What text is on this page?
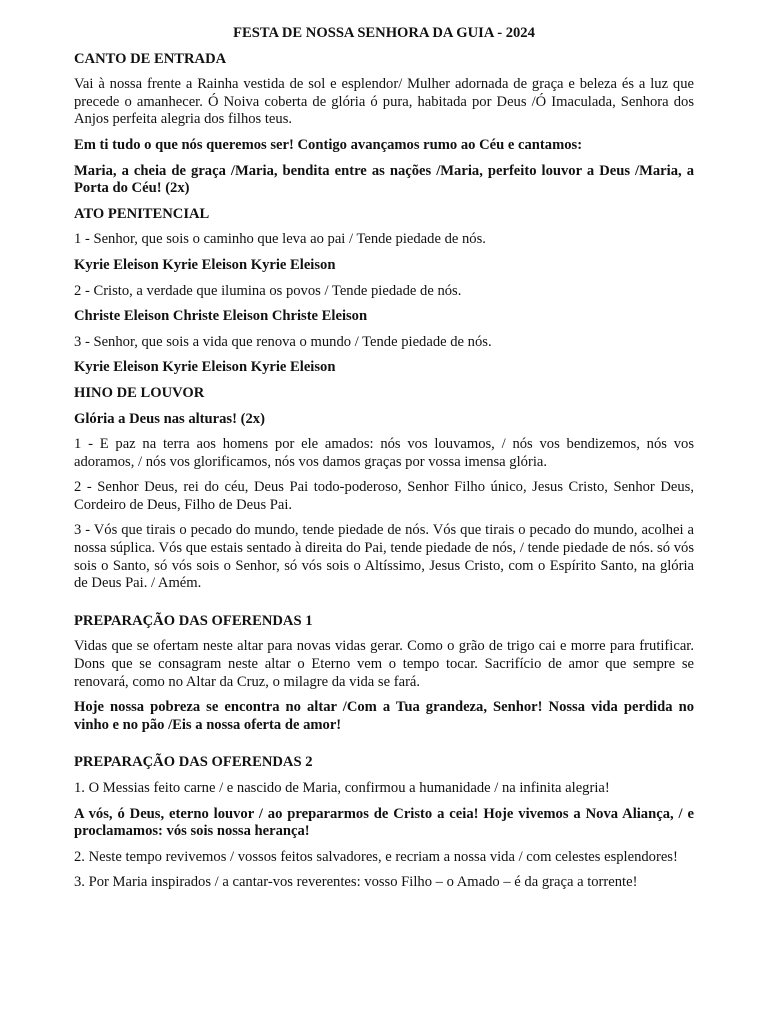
FESTA DE NOSSA SENHORA DA GUIA - 2024
CANTO DE ENTRADA

Vai à nossa frente a Rainha vestida de sol e esplendor/ Mulher adornada de graça e beleza és a luz que precede o amanhecer. Ó Noiva coberta de glória ó pura, habitada por Deus /Ó Imaculada, Senhora dos Anjos perfeita alegria dos filhos teus.

Em ti tudo o que nós queremos ser! Contigo avançamos rumo ao Céu e cantamos:

Maria, a cheia de graça /Maria, bendita entre as nações /Maria, perfeito louvor a Deus /Maria, a Porta do Céu! (2x)

ATO PENITENCIAL

1 - Senhor, que sois o caminho que leva ao pai / Tende piedade de nós.

Kyrie Eleison Kyrie Eleison Kyrie Eleison

2 - Cristo, a verdade que ilumina os povos / Tende piedade de nós.

Christe Eleison Christe Eleison Christe Eleison

3 - Senhor, que sois a vida que renova o mundo / Tende piedade de nós.

Kyrie Eleison Kyrie Eleison Kyrie Eleison

HINO DE LOUVOR

Glória a Deus nas alturas! (2x)

1 - E paz na terra aos homens por ele amados: nós vos louvamos, / nós vos bendizemos, nós vos adoramos, / nós vos glorificamos, nós vos damos graças por vossa imensa glória.

2 - Senhor Deus, rei do céu, Deus Pai todo-poderoso, Senhor Filho único, Jesus Cristo, Senhor Deus, Cordeiro de Deus, Filho de Deus Pai.

3 - Vós que tirais o pecado do mundo, tende piedade de nós. Vós que tirais o pecado do mundo, acolhei a nossa súplica. Vós que estais sentado à direita do Pai, tende piedade de nós, / tende piedade de nós. só vós sois o Santo, só vós sois o Senhor, só vós sois o Altíssimo, Jesus Cristo, com o Espírito Santo, na glória de Deus Pai. / Amém.

PREPARAÇÃO DAS OFERENDAS 1

Vidas que se ofertam neste altar para novas vidas gerar. Como o grão de trigo cai e morre para frutificar. Dons que se consagram neste altar o Eterno vem o tempo tocar. Sacrifício de amor que sempre se renovará, como no Altar da Cruz, o milagre da vida se fará.

Hoje nossa pobreza se encontra no altar /Com a Tua grandeza, Senhor! Nossa vida perdida no vinho e no pão /Eis a nossa oferta de amor!

PREPARAÇÃO DAS OFERENDAS 2

1. O Messias feito carne / e nascido de Maria, confirmou a humanidade / na infinita alegria!

A vós, ó Deus, eterno louvor / ao prepararmos de Cristo a ceia! Hoje vivemos a Nova Aliança, / e proclamamos: vós sois nossa herança!

2. Neste tempo revivemos / vossos feitos salvadores, e recriam a nossa vida / com celestes esplendores!

3. Por Maria inspirados / a cantar-vos reverentes: vosso Filho – o Amado – é da graça a torrente!
